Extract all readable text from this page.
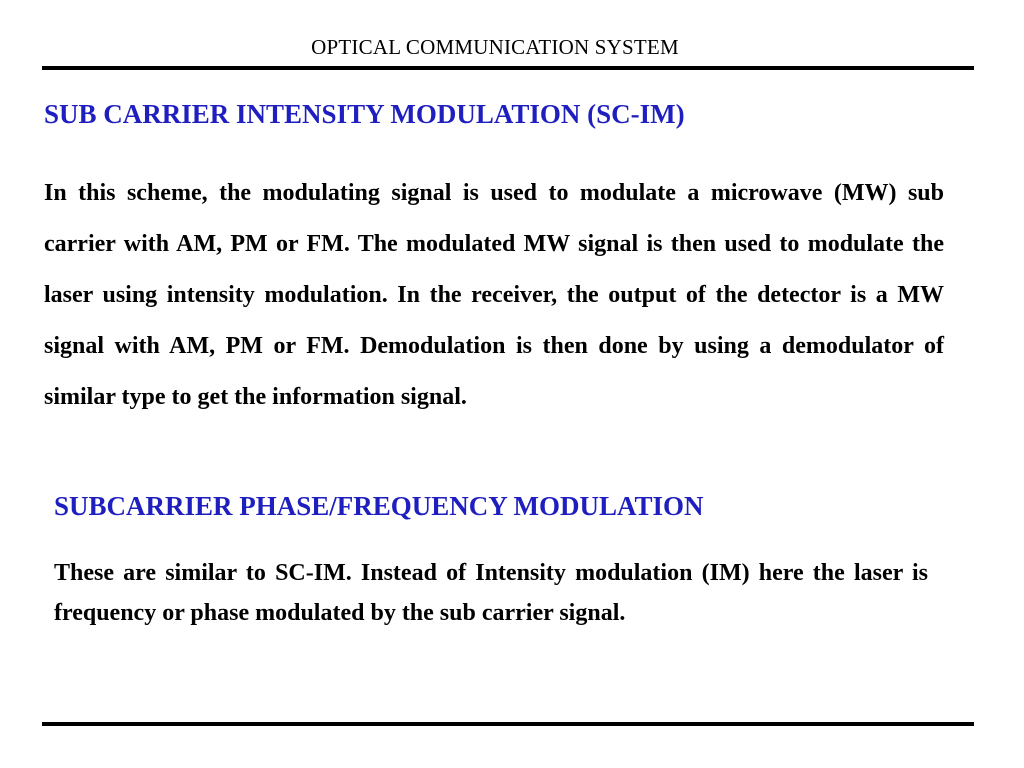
OPTICAL COMMUNICATION SYSTEM
SUB CARRIER INTENSITY MODULATION (SC-IM)

In this scheme, the modulating signal is used to modulate a microwave (MW) sub carrier with AM, PM or FM. The modulated MW signal is then used to modulate the laser using intensity modulation. In the receiver, the output of the detector is a MW signal with AM, PM or FM. Demodulation is then done by using a demodulator of similar type to get the information signal.

SUBCARRIER PHASE/FREQUENCY MODULATION

These are similar to SC-IM. Instead of Intensity modulation (IM) here the laser is frequency or phase modulated by the sub carrier signal.
